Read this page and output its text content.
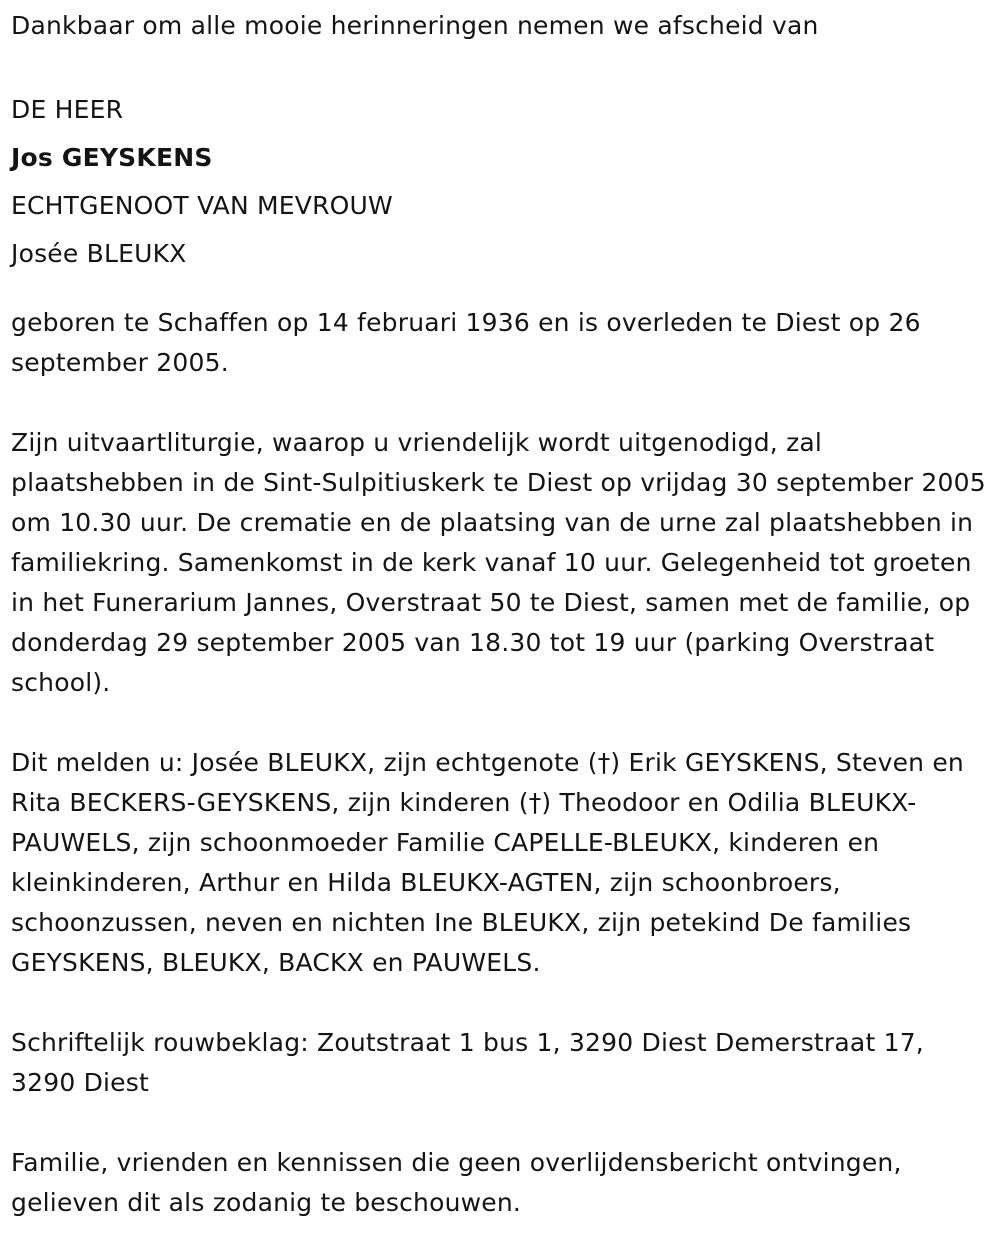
Dankbaar om alle mooie herinneringen nemen we afscheid van

DE HEER

Jos GEYSKENS

ECHTGENOOT VAN MEVROUW

Josée BLEUKX

geboren te Schaffen op 14 februari 1936 en is overleden te Diest op 26 september 2005.

Zijn uitvaartliturgie, waarop u vriendelijk wordt uitgenodigd, zal plaatshebben in de Sint-Sulpitiuskerk te Diest op vrijdag 30 september 2005 om 10.30 uur. De crematie en de plaatsing van de urne zal plaatshebben in familiekring. Samenkomst in de kerk vanaf 10 uur. Gelegenheid tot groeten in het Funerarium Jannes, Overstraat 50 te Diest, samen met de familie, op donderdag 29 september 2005 van 18.30 tot 19 uur (parking Overstraat school).

Dit melden u: Josée BLEUKX, zijn echtgenote (†) Erik GEYSKENS, Steven en Rita BECKERS-GEYSKENS, zijn kinderen (†) Theodoor en Odilia BLEUKX-PAUWELS, zijn schoonmoeder Familie CAPELLE-BLEUKX, kinderen en kleinkinderen, Arthur en Hilda BLEUKX-AGTEN, zijn schoonbroers, schoonzussen, neven en nichten Ine BLEUKX, zijn petekind De families GEYSKENS, BLEUKX, BACKX en PAUWELS.

Schriftelijk rouwbeklag: Zoutstraat 1 bus 1, 3290 Diest Demerstraat 17, 3290 Diest

Familie, vrienden en kennissen die geen overlijdensbericht ontvingen, gelieven dit als zodanig te beschouwen.
